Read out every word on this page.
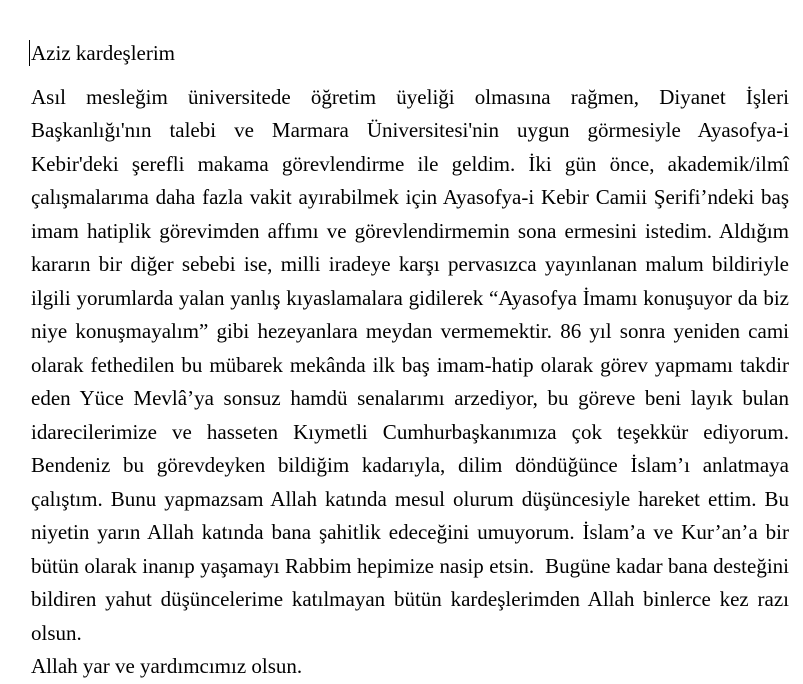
Aziz kardeşlerim

Asıl mesleğim üniversitede öğretim üyeliği olmasına rağmen, Diyanet İşleri Başkanlığı'nın talebi ve Marmara Üniversitesi'nin uygun görmesiyle Ayasofya-i Kebir'deki şerefli makama görevlendirme ile geldim. İki gün önce, akademik/ilmî çalışmalarıma daha fazla vakit ayırabilmek için Ayasofya-i Kebir Camii Şerifi’ndeki baş imam hatiplik görevimden affımı ve görevlendirmemin sona ermesini istedim. Aldığım kararın bir diğer sebebi ise, milli iradeye karşı pervasızca yayınlanan malum bildiriyle ilgili yorumlarda yalan yanlış kıyaslamalara gidilerek “Ayasofya İmamı konuşuyor da biz niye konuşmayalım” gibi hezeyanlara meydan vermemektir. 86 yıl sonra yeniden cami olarak fethedilen bu mübarek mekânda ilk baş imam-hatip olarak görev yapmamı takdir eden Yüce Mevlâ’ya sonsuz hamdü senalarımı arzediyor, bu göreve beni layık bulan idarecilerimize ve hasseten Kıymetli Cumhurbaşkanımıza çok teşekkür ediyorum. Bendeniz bu görevdeyken bildiğim kadarıyla, dilim döndüğünce İslam’ı anlatmaya çalıştım. Bunu yapmazsam Allah katında mesul olurum düşüncesiyle hareket ettim. Bu niyetin yarın Allah katında bana şahitlik edeceğini umuyorum. İslam’a ve Kur’an’a bir bütün olarak inanıp yaşamayı Rabbim hepimize nasip etsin.  Bugüne kadar bana desteğini bildiren yahut düşüncelerime katılmayan bütün kardeşlerimden Allah binlerce kez razı olsun.

Allah yar ve yardımcımız olsun.
